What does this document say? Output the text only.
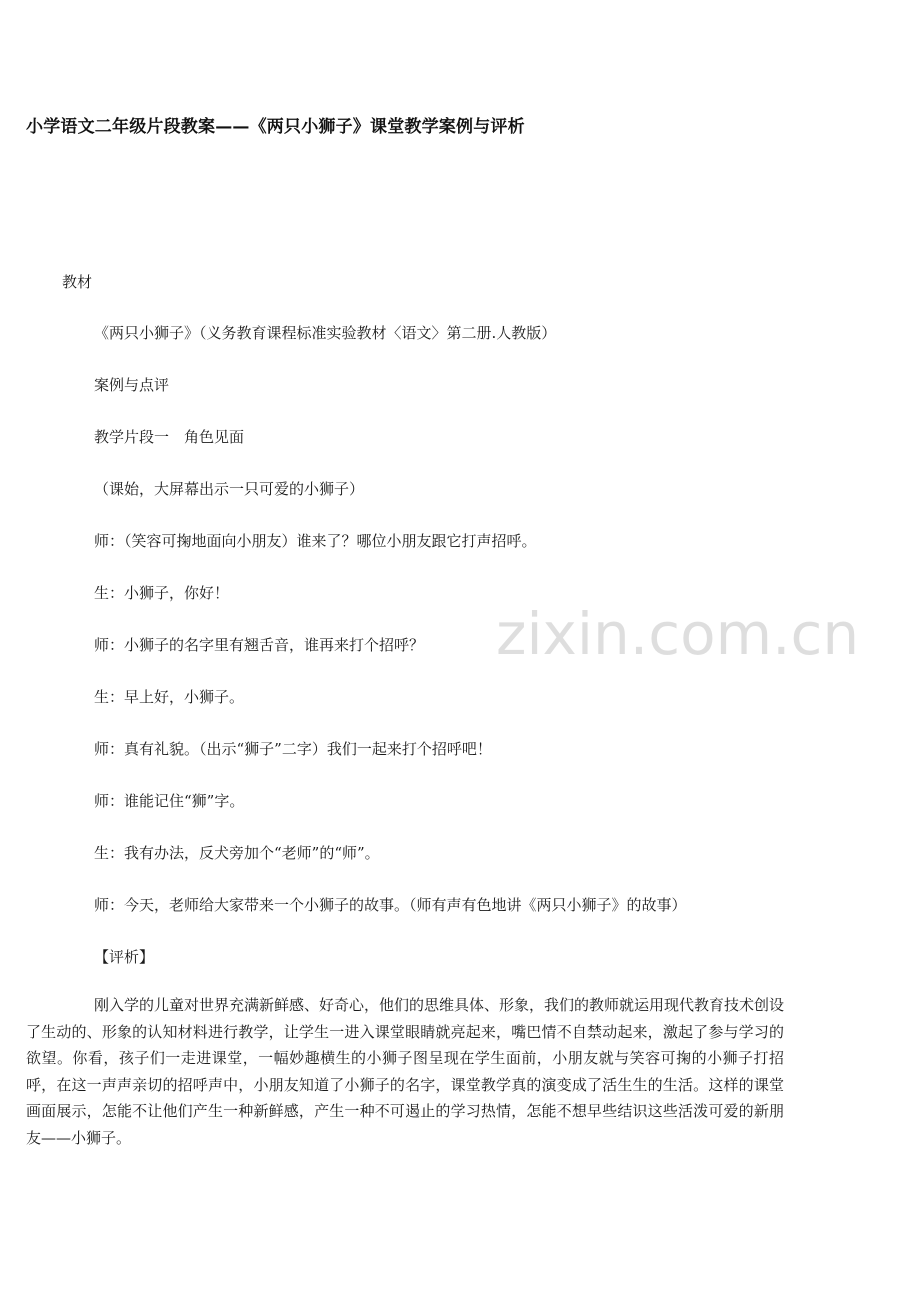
小学语文二年级片段教案——《两只小狮子》课堂教学案例与评析
教材
《两只小狮子》（义务教育课程标准实验教材〈语文〉第二册.人教版）
案例与点评
教学片段一　角色见面
（课始，大屏幕出示一只可爱的小狮子）
师：（笑容可掬地面向小朋友）谁来了？哪位小朋友跟它打声招呼。
生：小狮子，你好！
师：小狮子的名字里有翘舌音，谁再来打个招呼？
生：早上好，小狮子。
师：真有礼貌。（出示“狮子”二字）我们一起来打个招呼吧！
师：谁能记住“狮”字。
生：我有办法，反犬旁加个“老师”的“师”。
师：今天，老师给大家带来一个小狮子的故事。（师有声有色地讲《两只小狮子》的故事）
【评析】
刚入学的儿童对世界充满新鲜感、好奇心，他们的思维具体、形象，我们的教师就运用现代教育技术创设了生动的、形象的认知材料进行教学，让学生一进入课堂眼睛就亮起来，嘴巴情不自禁动起来，激起了参与学习的欲望。你看，孩子们一走进课堂，一幅妙趣横生的小狮子图呈现在学生面前，小朋友就与笑容可掬的小狮子打招呼，在这一声声亲切的招呼声中，小朋友知道了小狮子的名字，课堂教学真的演变成了活生生的生活。这样的课堂画面展示，怎能不让他们产生一种新鲜感，产生一种不可遏止的学习热情，怎能不想早些结识这些活泼可爱的新朋友——小狮子。
zixin.com.cn
